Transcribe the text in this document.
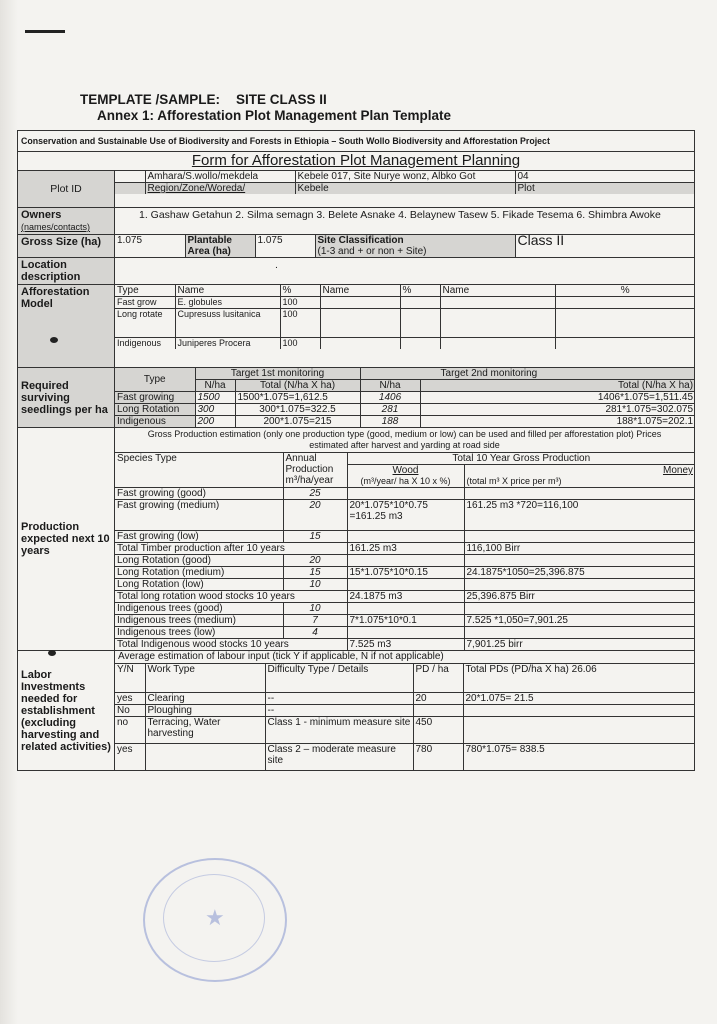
TEMPLATE /SAMPLE: SITE CLASS II
Annex 1: Afforestation Plot Management Plan Template
Conservation and Sustainable Use of Biodiversity and Forests in Ethiopia – South Wollo Biodiversity and Afforestation Project
Form for Afforestation Plot Management Planning
Plot ID	
	Amhara/S.wollo/mekdela	Kebele 017, Site Nurye wonz, Albko Got	04
	Region/Zone/Woreda/	Kebele	Plot

Owners
(names/contacts)
	1. Gashaw Getahun 2. Silma semagn 3. Belete Asnake 4. Belaynew Tasew 5. Fikade Tesema 6. Shimbra Awoke
Gross Size (ha)	1.075	Plantable Area (ha)	1.075	Site Classification
(1-3 and + or non + Site)
	Class II

Location description	.
Afforestation Model

Type	Name	%	Name	%	Name	%
Fast grow	E. globules	100				
Long rotate	Cupresuss lusitanica	100				
Indigenous	Juniperes Procera	100				

Required surviving seedlings per ha	
Type	Target 1st monitoring	Target 2nd monitoring
N/ha	Total (N/ha X ha)	N/ha	Total (N/ha X ha)
Fast growing	1500	1500*1.075=1,612.5	1406	1406*1.075=1,511.45
Long Rotation	300	300*1.075=322.5	281	281*1.075=302.075
Indigenous	200	200*1.075=215	188	188*1.075=202.1

Production expected next 10 years

Gross Production estimation (only one production type (good, medium or low) can be used and filled per afforestation plot) Prices estimated after harvest and yarding at road side
Species Type	Annual Production m³/ha/year	Total 10 Year Gross Production

Wood
(m³/year/ ha X 10 x %)

Money
(total m³ X price per m³)

Fast growing (good)	25		
Fast growing (medium)	20	20*1.075*10*0.75 =161.25 m3	161.25 m3 *720=116,100
Fast growing (low)	15		
Total Timber production after 10 years	161.25 m3	116,100 Birr
Long Rotation (good)	20		
Long Rotation (medium)	15	15*1.075*10*0.15	24.1875*1050=25,396.875
Long Rotation (low)	10		
Total long rotation wood stocks 10 years	24.1875 m3	25,396.875 Birr
Indigenous trees (good)	10		
Indigenous trees (medium)	7	7*1.075*10*0.1	7.525 *1,050=7,901.25
Indigenous trees (low)	4		
Total Indigenous wood stocks 10 years	7.525 m3	7,901.25 birr

Labor Investments needed for establishment (excluding harvesting and related activities)	
Average estimation of labour input (tick Y if applicable, N if not applicable)
Y/N	Work Type	Difficulty Type / Details	PD / ha	Total PDs (PD/ha X ha) 26.06
yes	Clearing	--	20	20*1.075= 21.5
No	Ploughing	--		
no	Terracing, Water harvesting	Class 1 - minimum measure site	450	
yes		Class 2 – moderate measure site	780	780*1.075= 838.5
★
